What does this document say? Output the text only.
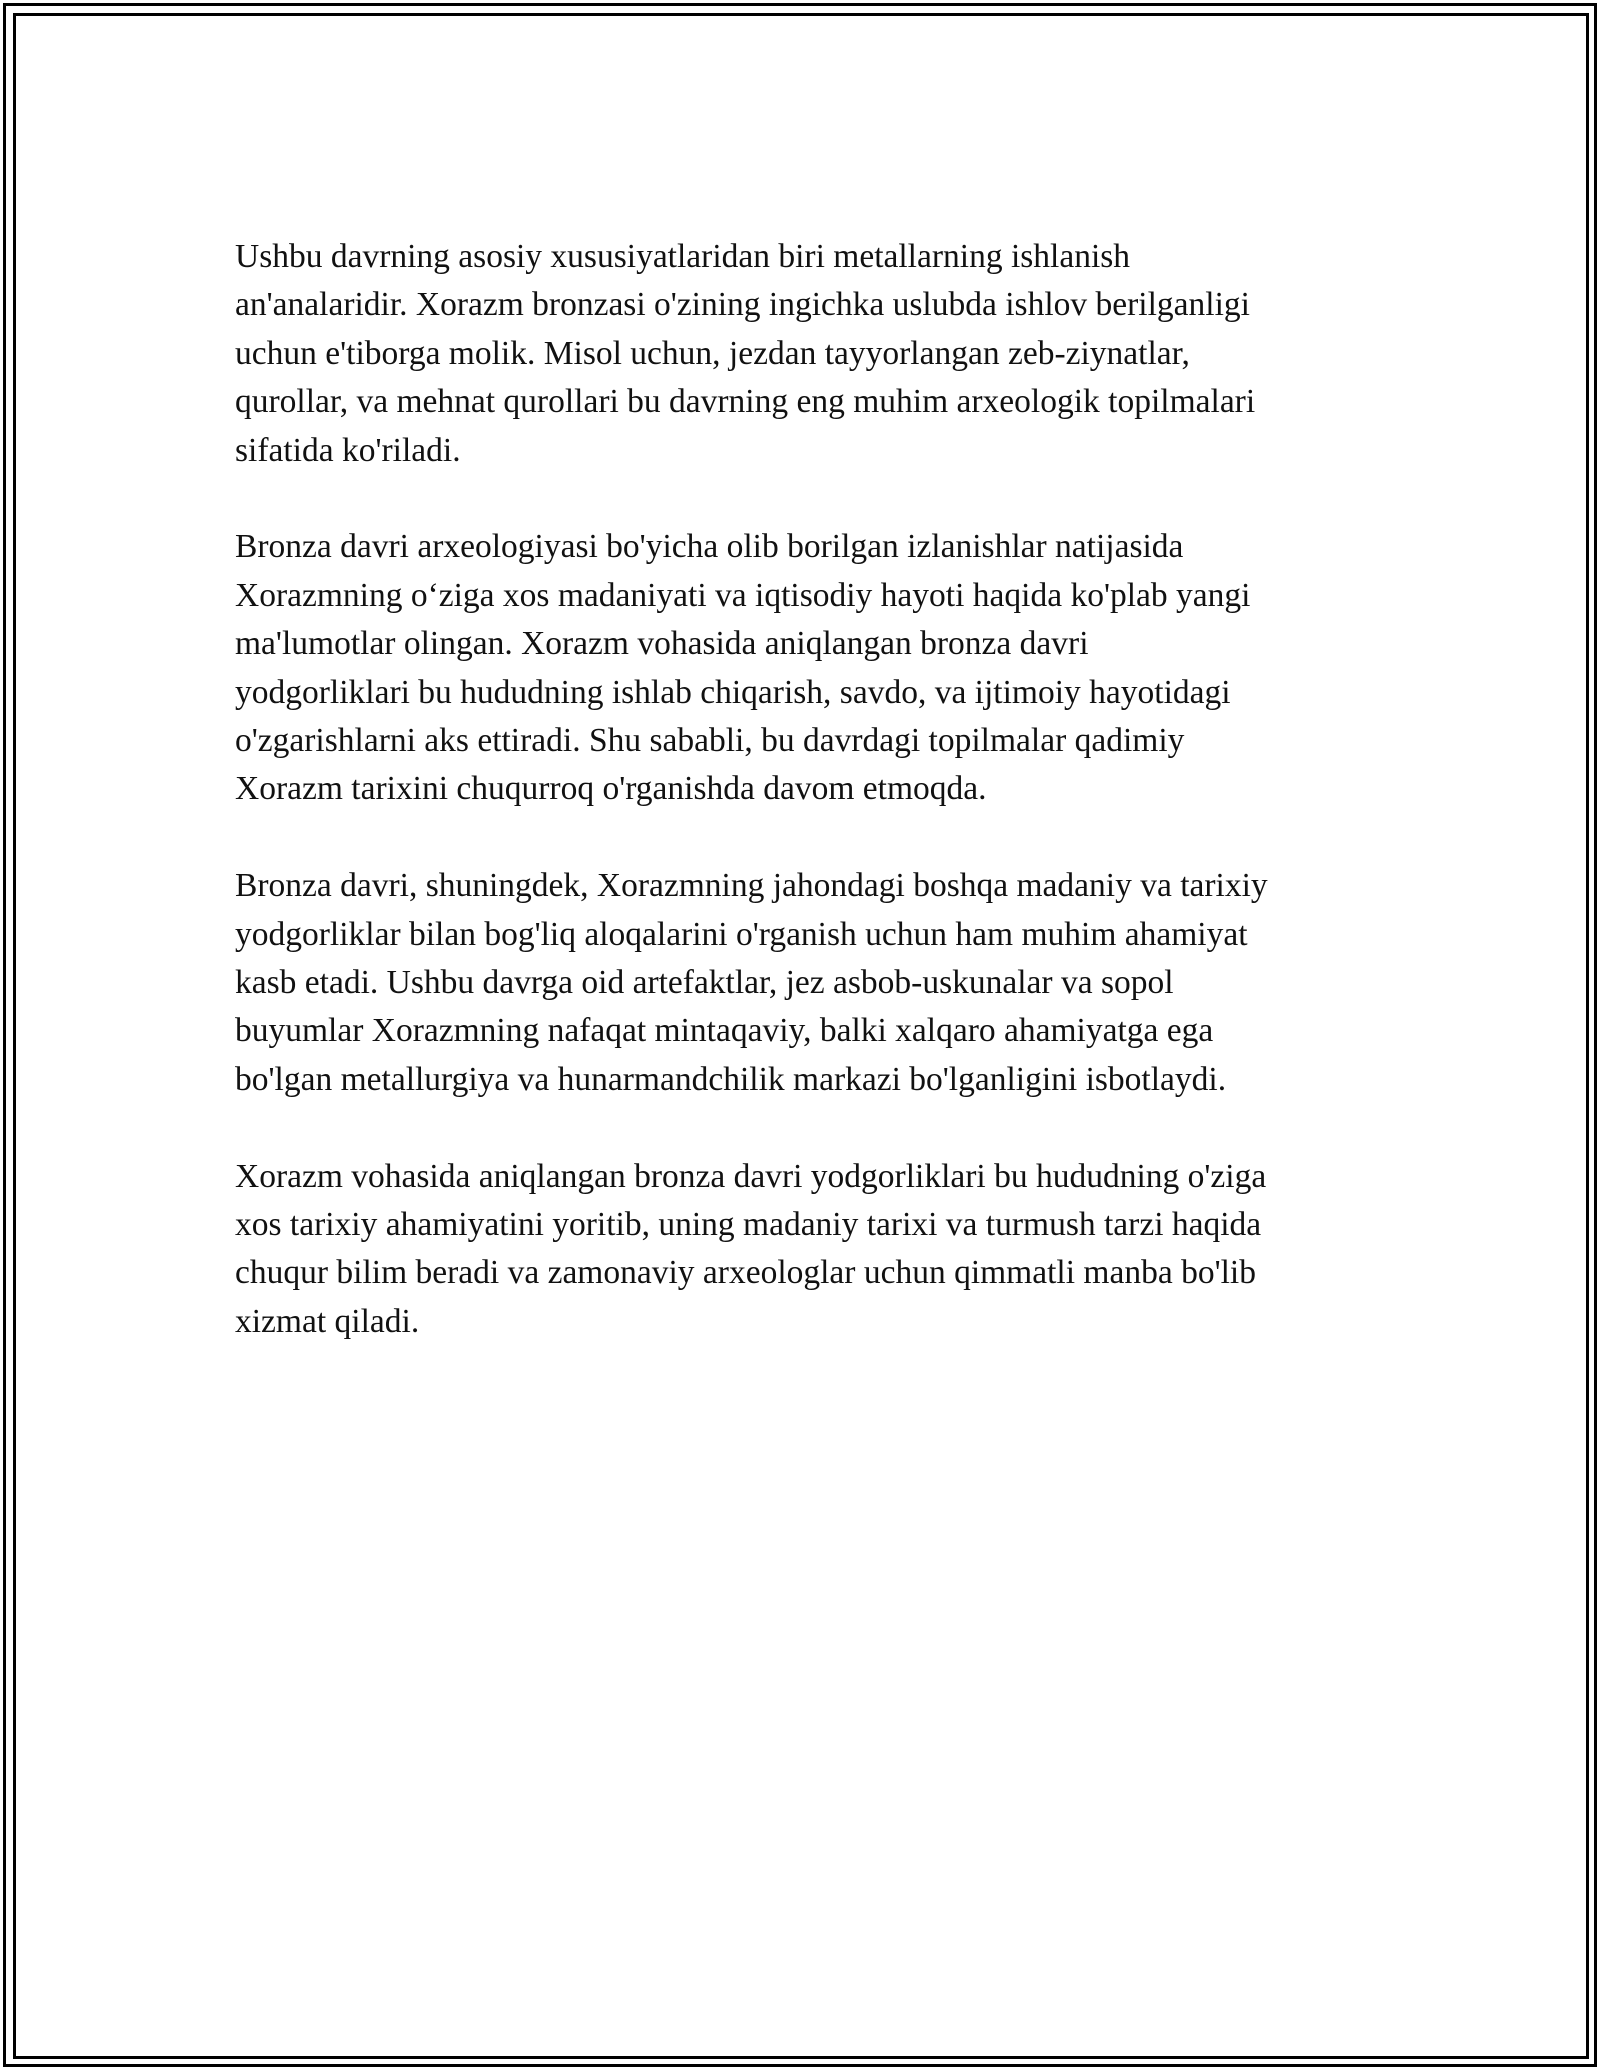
Ushbu davrning asosiy xususiyatlaridan biri metallarning ishlanish
an'analaridir. Xorazm bronzasi o'zining ingichka uslubda ishlov berilganligi
uchun e'tiborga molik. Misol uchun, jezdan tayyorlangan zeb-ziynatlar,
qurollar, va mehnat qurollari bu davrning eng muhim arxeologik topilmalari
sifatida ko'riladi.

Bronza davri arxeologiyasi bo'yicha olib borilgan izlanishlar natijasida
Xorazmning o‘ziga xos madaniyati va iqtisodiy hayoti haqida ko'plab yangi
ma'lumotlar olingan. Xorazm vohasida aniqlangan bronza davri
yodgorliklari bu hududning ishlab chiqarish, savdo, va ijtimoiy hayotidagi
o'zgarishlarni aks ettiradi. Shu sababli, bu davrdagi topilmalar qadimiy
Xorazm tarixini chuqurroq o'rganishda davom etmoqda.

Bronza davri, shuningdek, Xorazmning jahondagi boshqa madaniy va tarixiy
yodgorliklar bilan bog'liq aloqalarini o'rganish uchun ham muhim ahamiyat
kasb etadi. Ushbu davrga oid artefaktlar, jez asbob-uskunalar va sopol
buyumlar Xorazmning nafaqat mintaqaviy, balki xalqaro ahamiyatga ega
bo'lgan metallurgiya va hunarmandchilik markazi bo'lganligini isbotlaydi.

Xorazm vohasida aniqlangan bronza davri yodgorliklari bu hududning o'ziga
xos tarixiy ahamiyatini yoritib, uning madaniy tarixi va turmush tarzi haqida
chuqur bilim beradi va zamonaviy arxeologlar uchun qimmatli manba bo'lib
xizmat qiladi.
